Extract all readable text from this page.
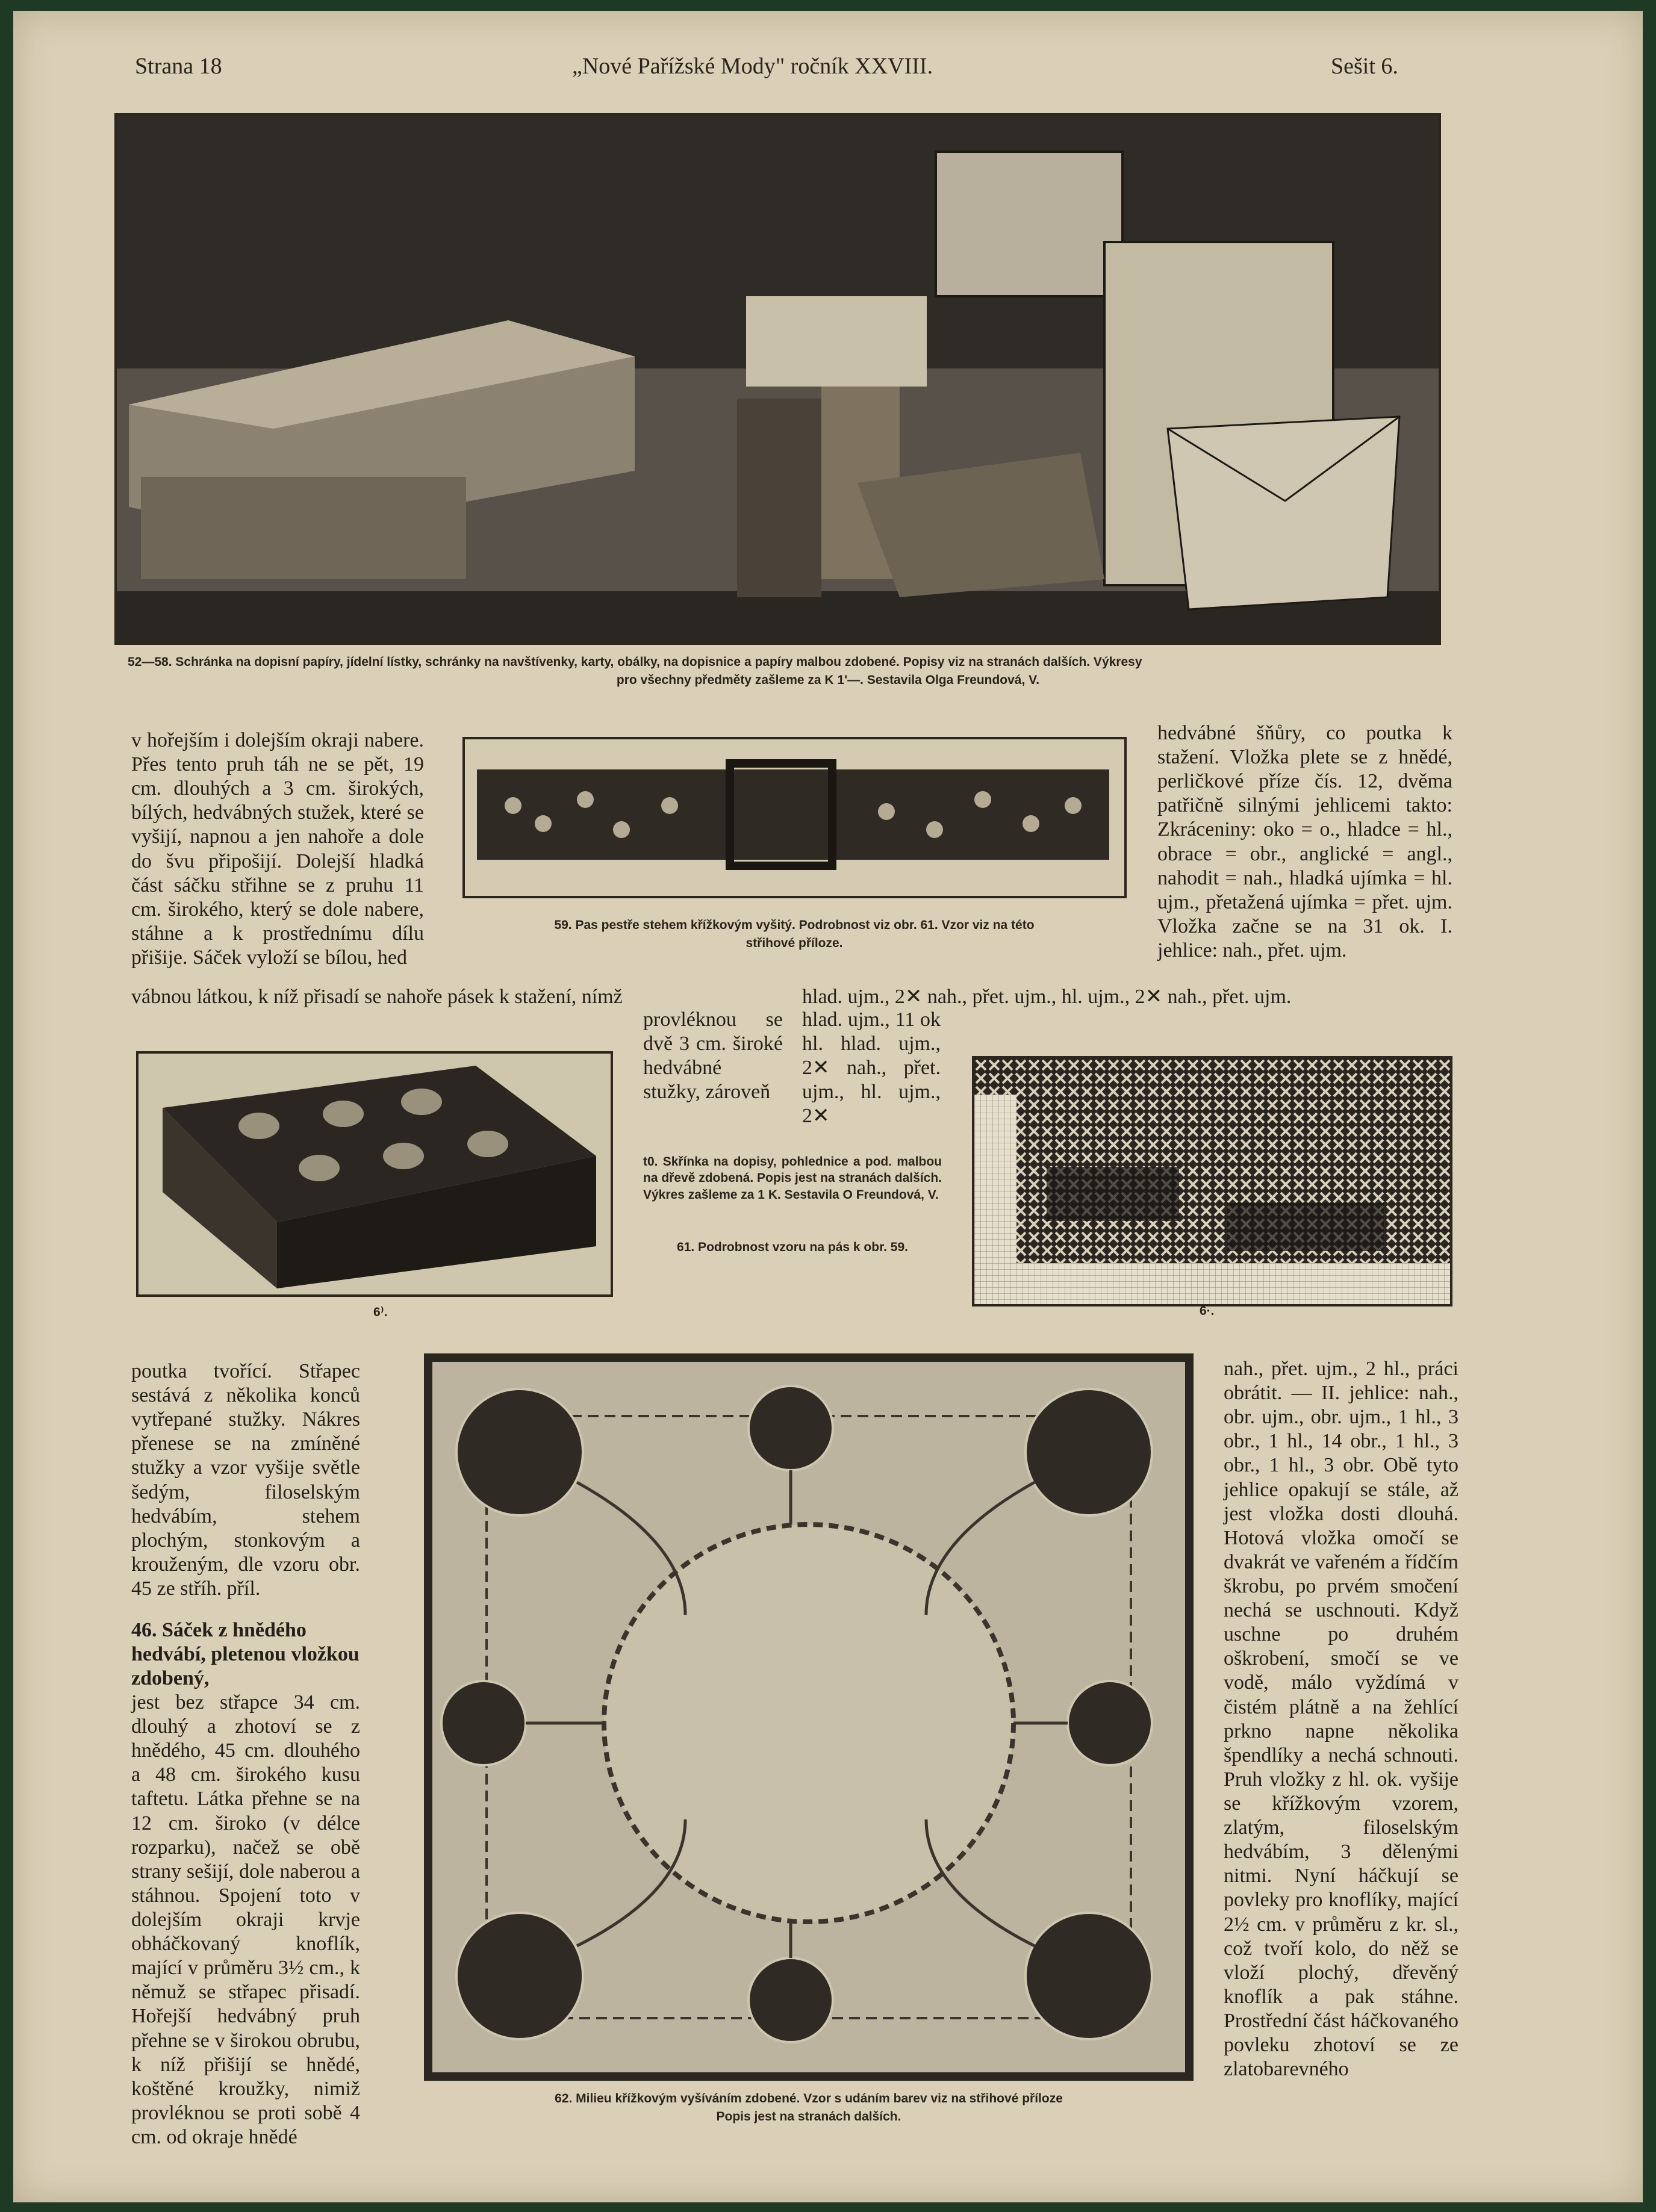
Strana 18	„Nové Pařížské Mody" ročník XXVIII.	Sešit 6.
52—58. Schránka na dopisní papíry, jídelní lístky, schránky na navštívenky, karty, obálky, na dopisnice a papíry malbou zdobené. Popisy viz na stranách dalších. Výkresy
pro všechny předměty zašleme za K 1'—. Sestavila Olga Freundová, V.
v hořejším i dolejším okraji nabere. Přes tento pruh táh ne se pět, 19 cm. dlouhých a 3 cm. širokých, bílých, hedvábných stužek, které se vyšijí, napnou a jen nahoře a dole do švu připošijí. Dolejší hladká část sáčku střihne se z pruhu 11 cm. širokého, který se dole nabere, stáhne a k prostřednímu dílu přišije. Sáček vyloží se bílou, hed
vábnou látkou, k níž přisadí se nahoře pásek k stažení, nímž	hlad. ujm., 2✕ nah., přet. ujm., hl. ujm., 2✕ nah., přet. ujm.
59. Pas pestře stehem křížkovým vyšitý. Podrobnost viz obr. 61. Vzor viz na této
střihové příloze.
hedvábné šňůry, co poutka k stažení. Vložka plete se z hnědé, perličkové příze čís. 12, dvěma patřičně silnými jehlicemi takto: Zkráceniny: oko = o., hladce = hl., obrace = obr., anglické = angl., nahodit = nah., hladká ujímka = hl. ujm., přetažená ujímka = přet. ujm. Vložka začne se na 31 ok. I. jehlice: nah., přet. ujm.
6⁾.
provléknou se dvě 3 cm. široké hedvábné stužky, zároveň
hlad. ujm., 11 ok hl. hlad. ujm., 2✕ nah., přet. ujm., hl. ujm., 2✕
t0. Skřínka na dopisy, pohlednice a pod. malbou na dřevě zdobená. Popis jest na stranách dalších. Výkres zašleme za 1 K. Sestavila O Freundová, V.
61. Podrobnost vzoru na pás k obr. 59.
6·.
poutka tvořící. Střapec sestává z několika konců vytřepané stužky. Nákres přenese se na zmíněné stužky a vzor vyšije světle šedým, filoselským hedvábím, stehem plochým, stonkovým a krouženým, dle vzoru obr. 45 ze stříh. příl.
46. Sáček z hnědého hedvábí, pletenou vložkou zdobený,
jest bez střapce 34 cm. dlouhý a zhotoví se z hnědého, 45 cm. dlouhého a 48 cm. širokého kusu taftetu. Látka přehne se na 12 cm. široko (v délce rozparku), načež se obě strany sešijí, dole naberou a stáhnou. Spojení toto v dolejším okraji krvje obháčkovaný knoflík, mající v průměru 3½ cm., k němuž se střapec přisadí. Hořejší hedvábný pruh přehne se v širokou obrubu, k níž přišijí se hnědé, koštěné kroužky, nimiž provléknou se proti sobě 4 cm. od okraje hnědé
62. Milieu křížkovým vyšíváním zdobené. Vzor s udáním barev viz na střihové příloze
Popis jest na stranách dalších.
nah., přet. ujm., 2 hl., práci obrátit. — II. jehlice: nah., obr. ujm., obr. ujm., 1 hl., 3 obr., 1 hl., 14 obr., 1 hl., 3 obr., 1 hl., 3 obr. Obě tyto jehlice opakují se stále, až jest vložka dosti dlouhá. Hotová vložka omočí se dvakrát ve vařeném a řídčím škrobu, po prvém smočení nechá se uschnouti. Když uschne po druhém oškrobení, smočí se ve vodě, málo vyždímá v čistém plátně a na žehlící prkno napne několika špendlíky a nechá schnouti. Pruh vložky z hl. ok. vyšije se křížkovým vzorem, zlatým, filoselským hedvábím, 3 dělenými nitmi. Nyní háčkují se povleky pro knoflíky, mající 2½ cm. v průměru z kr. sl., což tvoří kolo, do něž se vloží plochý, dřevěný knoflík a pak stáhne. Prostřední část háčkovaného povleku zhotoví se ze zlatobarevného
